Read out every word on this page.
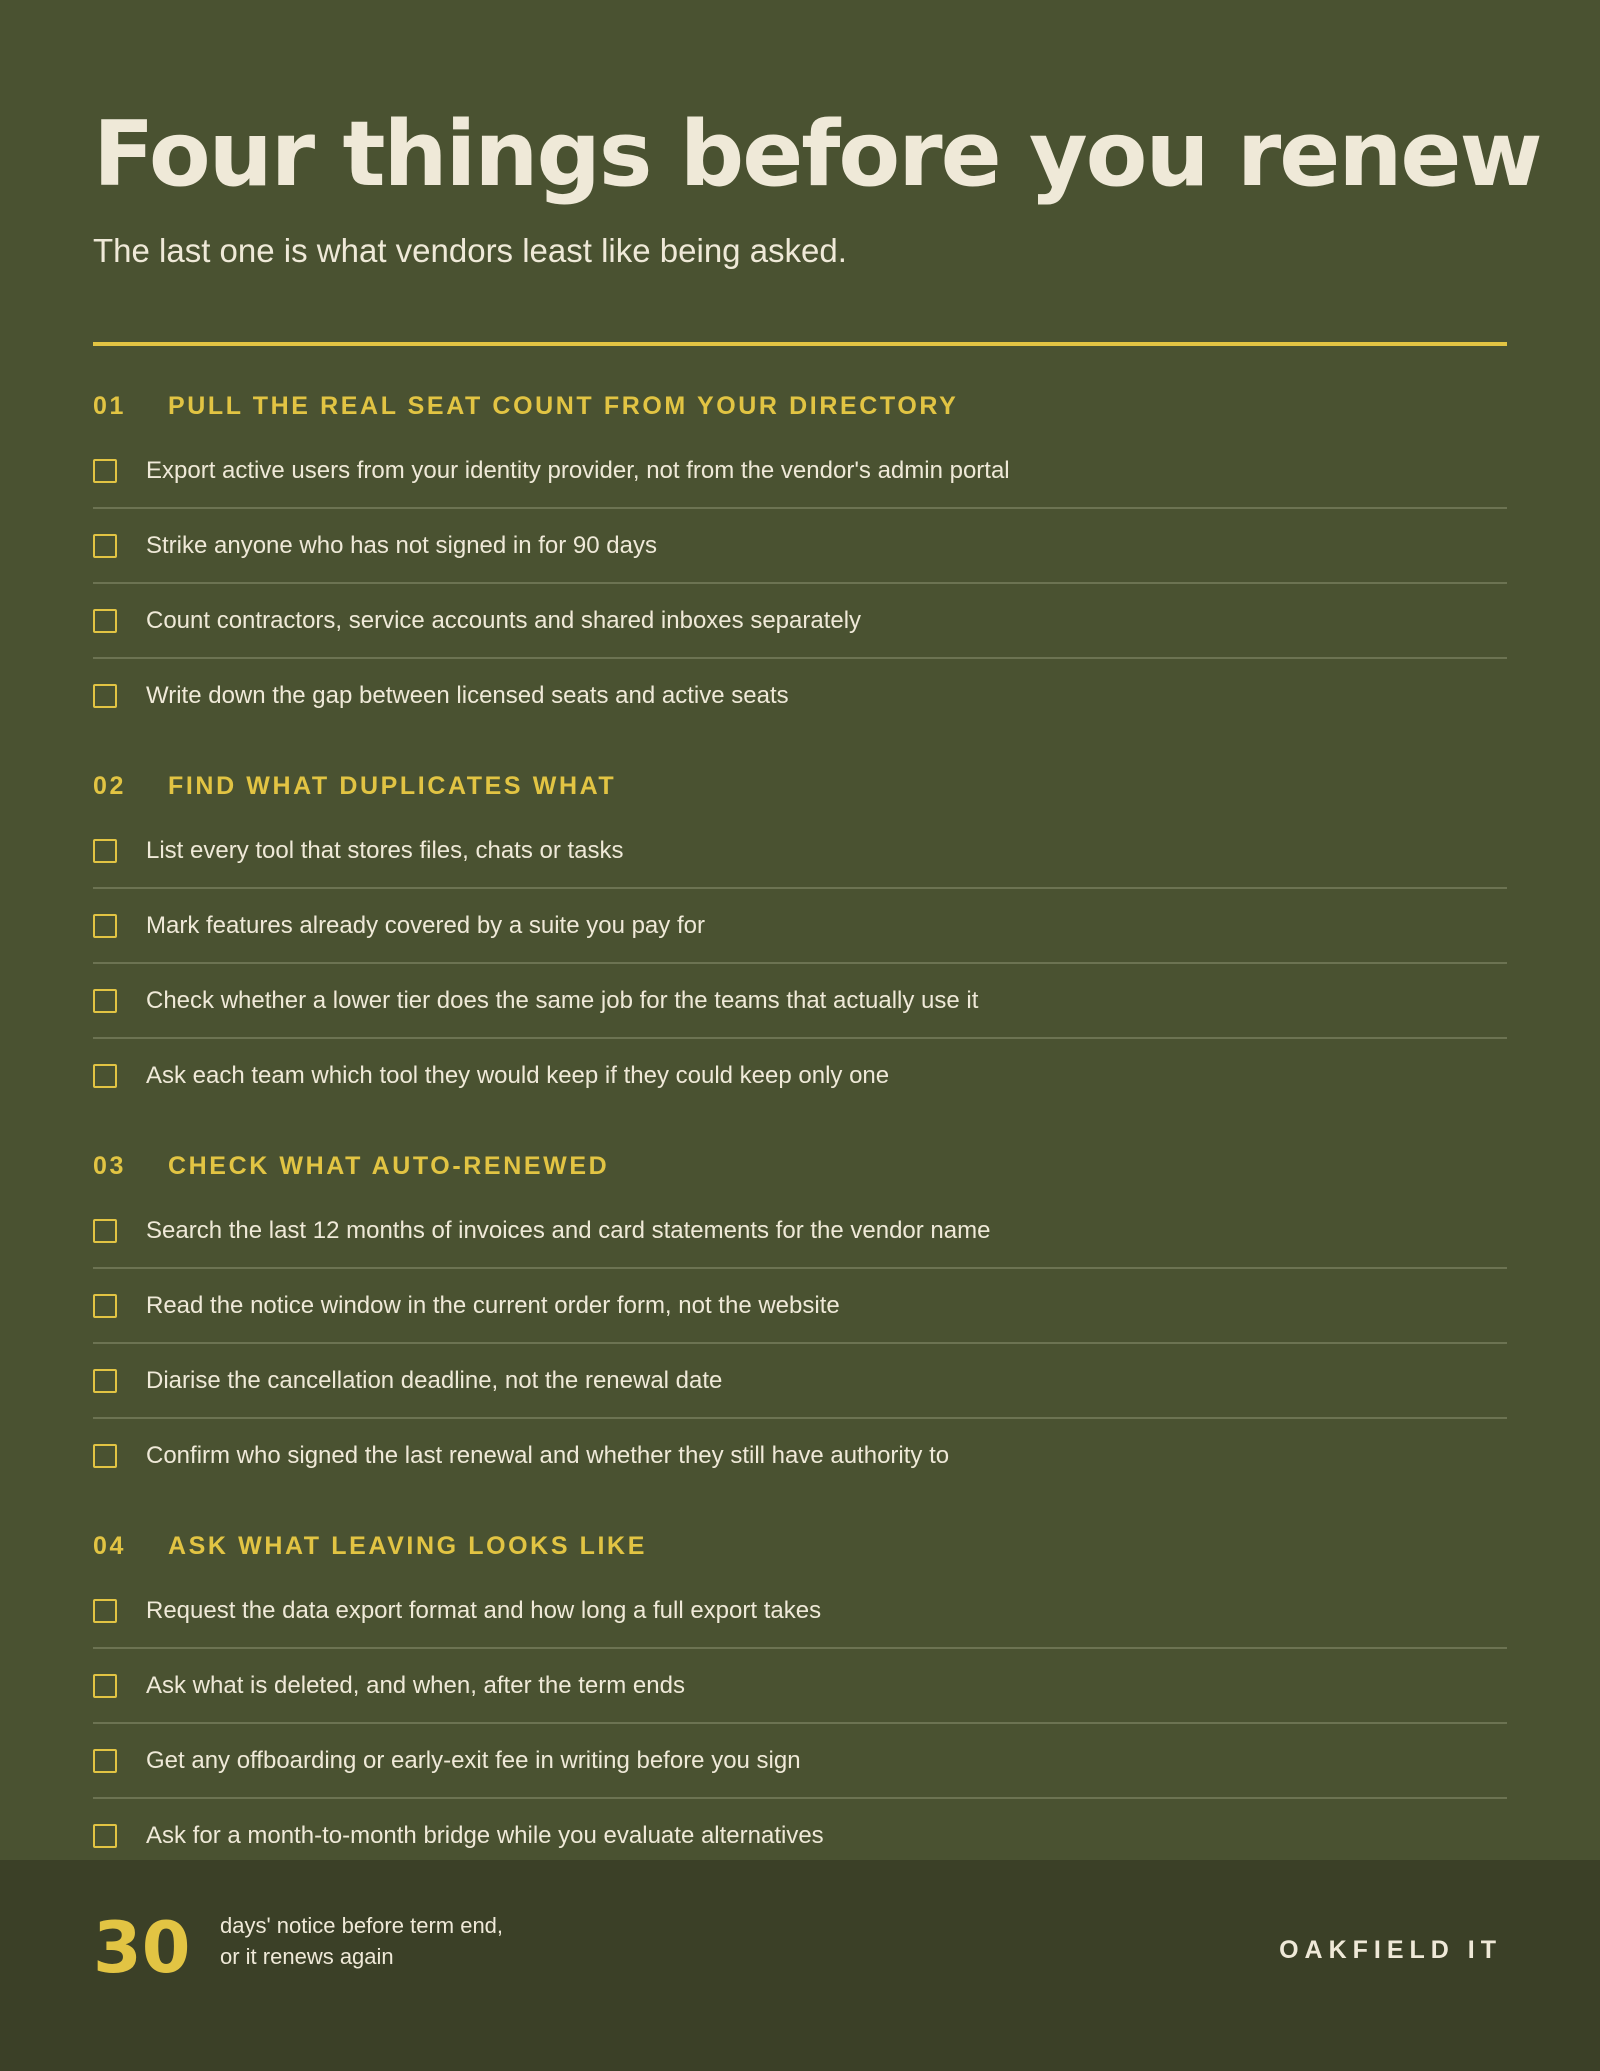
Four things before you renew

The last one is what vendors least like being asked.

01	PULL THE REAL SEAT COUNT FROM YOUR DIRECTORY
Export active users from your identity provider, not from the vendor's admin portal
Strike anyone who has not signed in for 90 days
Count contractors, service accounts and shared inboxes separately
Write down the gap between licensed seats and active seats
02	FIND WHAT DUPLICATES WHAT
List every tool that stores files, chats or tasks
Mark features already covered by a suite you pay for
Check whether a lower tier does the same job for the teams that actually use it
Ask each team which tool they would keep if they could keep only one
03	CHECK WHAT AUTO-RENEWED
Search the last 12 months of invoices and card statements for the vendor name
Read the notice window in the current order form, not the website
Diarise the cancellation deadline, not the renewal date
Confirm who signed the last renewal and whether they still have authority to
04	ASK WHAT LEAVING LOOKS LIKE
Request the data export format and how long a full export takes
Ask what is deleted, and when, after the term ends
Get any offboarding or early-exit fee in writing before you sign
Ask for a month-to-month bridge while you evaluate alternatives
30 days' notice before term end,
or it renews again	OAKFIELD IT
